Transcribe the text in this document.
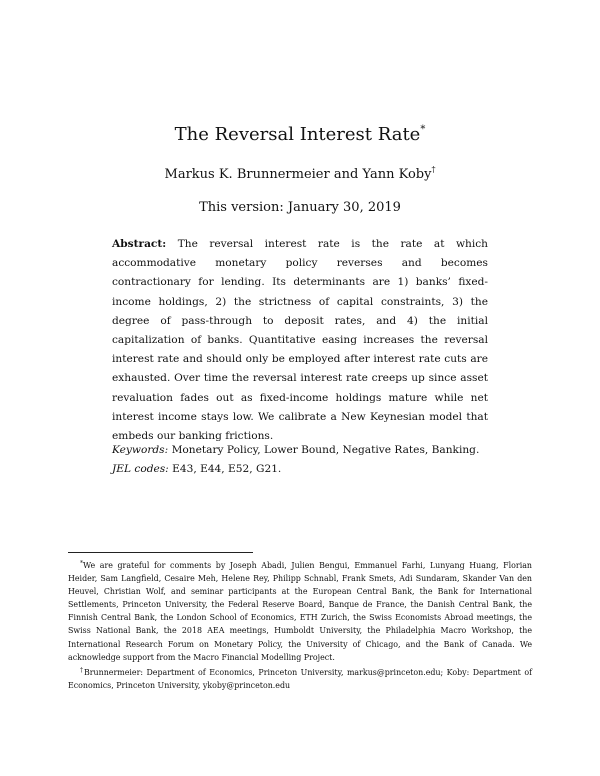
The Reversal Interest Rate*
Markus K. Brunnermeier and Yann Koby†
This version: January 30, 2019
Abstract: The reversal interest rate is the rate at which accommodative monetary policy reverses and becomes contractionary for lending. Its determinants are 1) banks’ fixed-income holdings, 2) the strictness of capital constraints, 3) the degree of pass-through to deposit rates, and 4) the initial capitalization of banks. Quantitative easing increases the reversal interest rate and should only be employed after interest rate cuts are exhausted. Over time the reversal interest rate creeps up since asset revaluation fades out as fixed-income holdings mature while net interest income stays low. We calibrate a New Keynesian model that embeds our banking frictions.
Keywords: Monetary Policy, Lower Bound, Negative Rates, Banking.
JEL codes: E43, E44, E52, G21.

*We are grateful for comments by Joseph Abadi, Julien Bengui, Emmanuel Farhi, Lunyang Huang, Florian Heider, Sam Langfield, Cesaire Meh, Helene Rey, Philipp Schnabl, Frank Smets, Adi Sundaram, Skander Van den Heuvel, Christian Wolf, and seminar participants at the European Central Bank, the Bank for International Settlements, Princeton University, the Federal Reserve Board, Banque de France, the Danish Central Bank, the Finnish Central Bank, the London School of Economics, ETH Zurich, the Swiss Economists Abroad meetings, the Swiss National Bank, the 2018 AEA meetings, Humboldt University, the Philadelphia Macro Workshop, the International Research Forum on Monetary Policy, the University of Chicago, and the Bank of Canada. We acknowledge support from the Macro Financial Modelling Project.

†Brunnermeier: Department of Economics, Princeton University, markus@princeton.edu; Koby: Department of Economics, Princeton University, ykoby@princeton.edu
